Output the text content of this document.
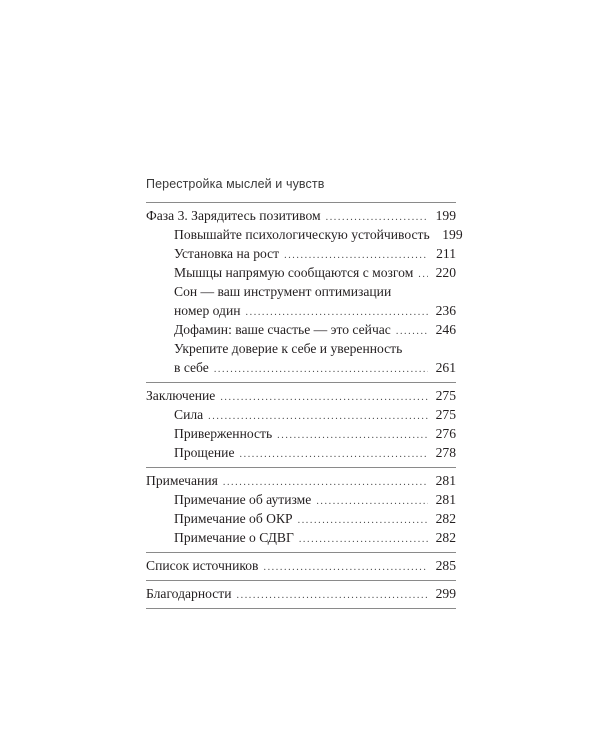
Перестройка мыслей и чувств
Фаза 3. Зарядитесь позитивом .....	199
Повышайте психологическую устойчивость 199
Установка на рост .....	211
Мышцы напрямую сообщаются с мозгом ..... 220
Сон — ваш инструмент оптимизации
номер один .....	236
Дофамин: ваше счастье — это сейчас .....	246
Укрепите доверие к себе и уверенность
в себе .....	261
Заключение .....	275
Сила .....	275
Приверженность .....	276
Прощение .....	278
Примечания .....	281
Примечание об аутизме .....	281
Примечание об ОКР .....	282
Примечание о СДВГ .....	282
Список источников .....	285
Благодарности .....	299
